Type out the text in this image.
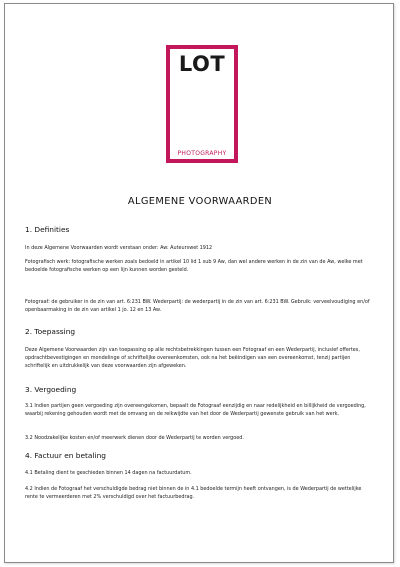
LOT
PHOTOGRAPHY
ALGEMENE VOORWAARDEN
1. Definities

In deze Algemene Voorwaarden wordt verstaan onder: Aw: Auteurswet 1912

Fotografisch werk: fotografische werken zoals bedoeld in artikel 10 lid 1 sub 9 Aw, dan wel andere werken in de zin van de Aw, welke met bedoelde fotografische werken op een lijn kunnen worden gesteld.

Fotograaf: de gebruiker in de zin van art. 6:231 BW. Wederpartij: de wederpartij in de zin van art. 6:231 BW. Gebruik: verveelvoudiging en/of openbaarmaking in de zin van artikel 1 jo. 12 en 13 Aw.

2. Toepassing

Deze Algemene Voorwaarden zijn van toepassing op alle rechtsbetrekkingen tussen een Fotograaf en een Wederpartij, inclusief offertes, opdrachtbevestigingen en mondelinge of schriftelijke overeenkomsten, ook na het beëindigen van een overeenkomst, tenzij partijen schriftelijk en uitdrukkelijk van deze voorwaarden zijn afgeweken.

3. Vergoeding

3.1 Indien partijen geen vergoeding zijn overeengekomen, bepaalt de Fotograaf eenzijdig en naar redelijkheid en billijkheid de vergoeding, waarbij rekening gehouden wordt met de omvang en de reikwijdte van het door de Wederpartij gewenste gebruik van het werk.

3.2 Noodzakelijke kosten en/of meerwerk dienen door de Wederpartij te worden vergoed.

4. Factuur en betaling

4.1 Betaling dient te geschieden binnen 14 dagen na factuurdatum.

4.2 Indien de Fotograaf het verschuldigde bedrag niet binnen de in 4.1 bedoelde termijn heeft ontvangen, is de Wederpartij de wettelijke rente te vermeerderen met 2% verschuldigd over het factuurbedrag.
